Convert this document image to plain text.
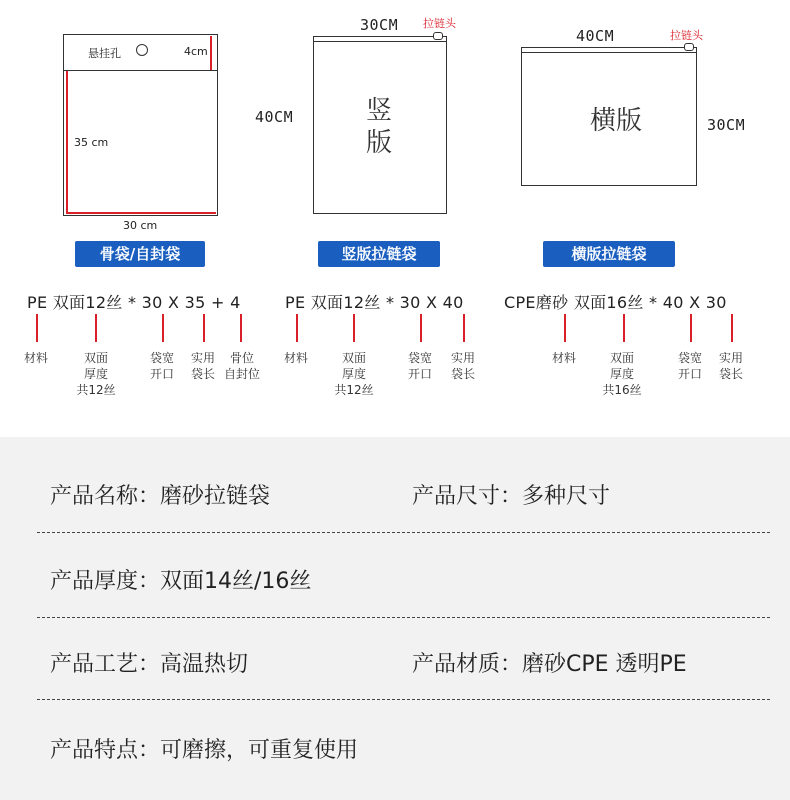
悬挂孔	4cm
35 cm
30 cm
骨袋/自封袋
30CM 拉链头
40CM	竖
版
竖版拉链袋
40CM	拉链头
横版	30CM
横版拉链袋
PE 双面12丝 * 30 X 35 + 4
材料	双面
厚度
共12丝
袋宽
开口
实用
袋长
骨位
自封位
PE 双面12丝 * 30 X 40
材料	双面
厚度
共12丝
袋宽
开口
实用
袋长
CPE磨砂 双面16丝 * 40 X 30
材料	双面
厚度
共16丝
袋宽
开口
实用
袋长
产品名称：磨砂拉链袋	产品尺寸：多种尺寸
产品厚度：双面14丝/16丝
产品工艺：高温热切	产品材质：磨砂CPE 透明PE
产品特点：可磨擦，可重复使用
